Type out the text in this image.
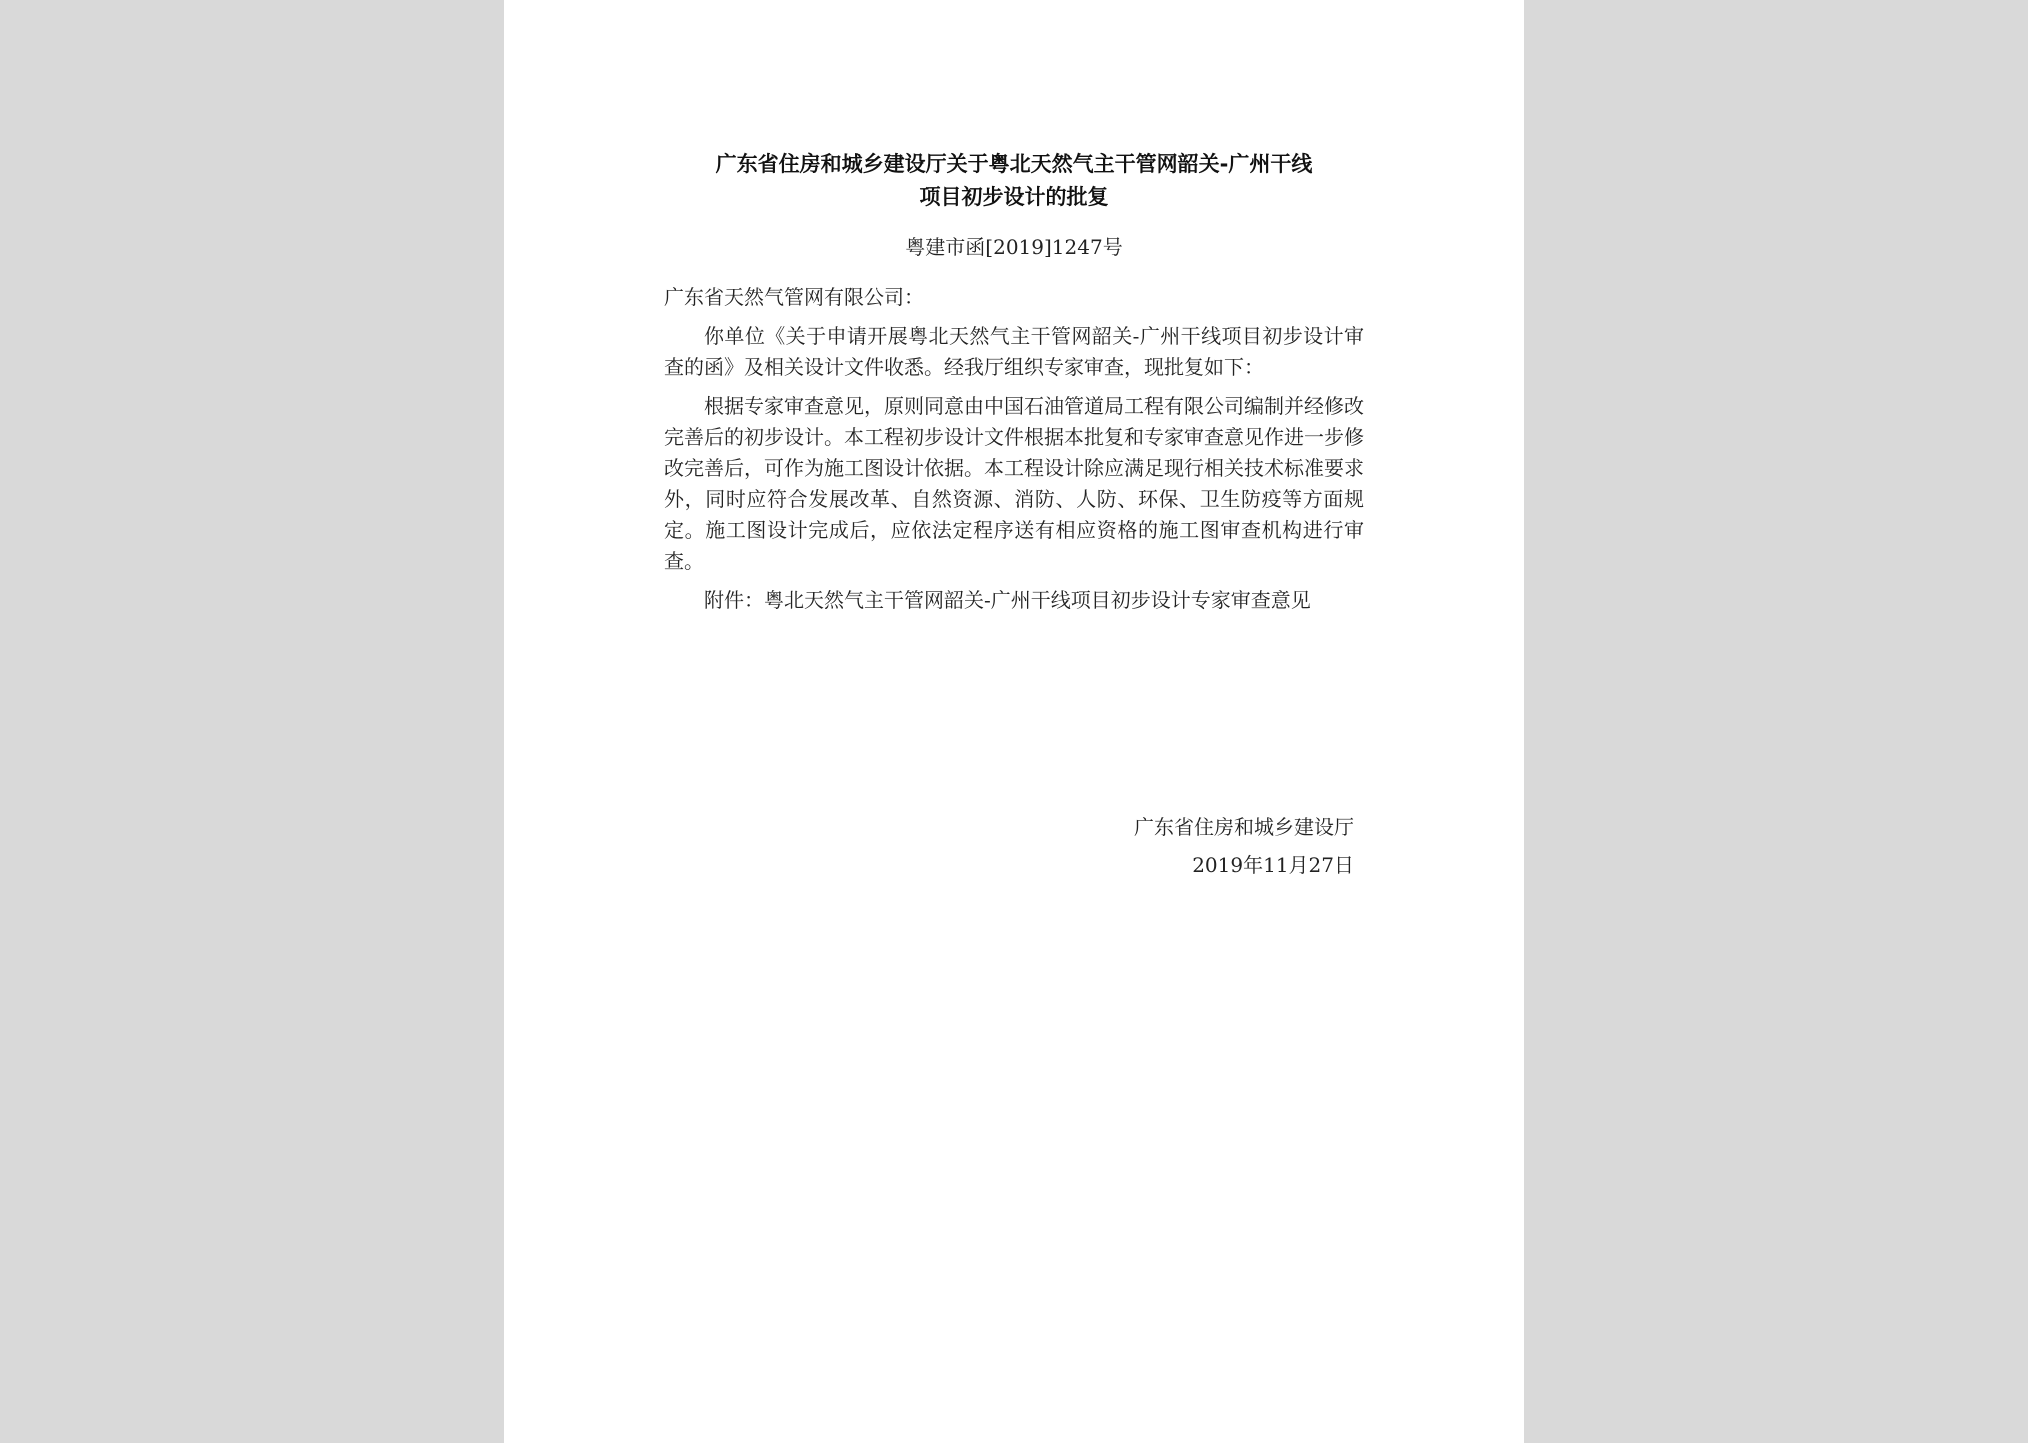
广东省住房和城乡建设厅关于粤北天然气主干管网韶关-广州干线
项目初步设计的批复

粤建市函[2019]1247号

广东省天然气管网有限公司：

你单位《关于申请开展粤北天然气主干管网韶关-广州干线项目初步设计审查的函》及相关设计文件收悉。经我厅组织专家审查，现批复如下：

根据专家审查意见，原则同意由中国石油管道局工程有限公司编制并经修改完善后的初步设计。本工程初步设计文件根据本批复和专家审查意见作进一步修改完善后，可作为施工图设计依据。本工程设计除应满足现行相关技术标准要求外，同时应符合发展改革、自然资源、消防、人防、环保、卫生防疫等方面规定。施工图设计完成后，应依法定程序送有相应资格的施工图审查机构进行审查。

附件：粤北天然气主干管网韶关-广州干线项目初步设计专家审查意见

广东省住房和城乡建设厅
2019年11月27日
